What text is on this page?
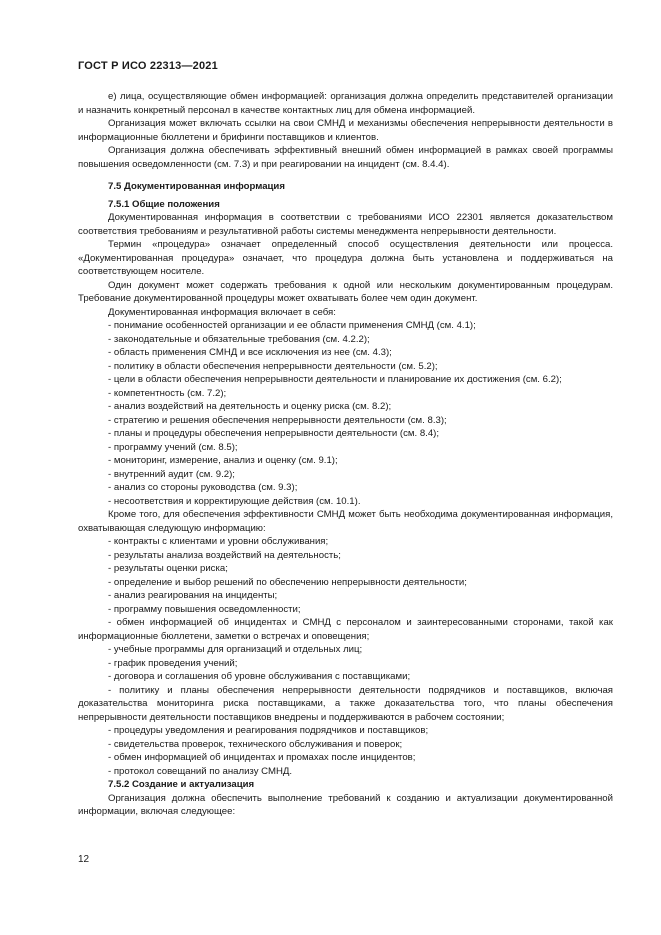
ГОСТ Р ИСО 22313—2021

е) лица, осуществляющие обмен информацией: организация должна определить представителей организации и назначить конкретный персонал в качестве контактных лиц для обмена информацией.

Организация может включать ссылки на свои СМНД и механизмы обеспечения непрерывности деятельности в информационные бюллетени и брифинги поставщиков и клиентов.

Организация должна обеспечивать эффективный внешний обмен информацией в рамках своей программы повышения осведомленности (см. 7.3) и при реагировании на инцидент (см. 8.4.4).

7.5 Документированная информация
7.5.1 Общие положения

Документированная информация в соответствии с требованиями ИСО 22301 является доказательством соответствия требованиям и результативной работы системы менеджмента непрерывности деятельности.

Термин «процедура» означает определенный способ осуществления деятельности или процесса. «Документированная процедура» означает, что процедура должна быть установлена и поддерживаться на соответствующем носителе.

Один документ может содержать требования к одной или нескольким документированным процедурам. Требование документированной процедуры может охватывать более чем один документ.

Документированная информация включает в себя:

- понимание особенностей организации и ее области применения СМНД (см. 4.1);

- законодательные и обязательные требования (см. 4.2.2);

- область применения СМНД и все исключения из нее (см. 4.3);

- политику в области обеспечения непрерывности деятельности (см. 5.2);

- цели в области обеспечения непрерывности деятельности и планирование их достижения (см. 6.2);

- компетентность (см. 7.2);

- анализ воздействий на деятельность и оценку риска (см. 8.2);

- стратегию и решения обеспечения непрерывности деятельности (см. 8.3);

- планы и процедуры обеспечения непрерывности деятельности (см. 8.4);

- программу учений (см. 8.5);

- мониторинг, измерение, анализ и оценку (см. 9.1);

- внутренний аудит (см. 9.2);

- анализ со стороны руководства (см. 9.3);

- несоответствия и корректирующие действия (см. 10.1).

Кроме того, для обеспечения эффективности СМНД может быть необходима документированная информация, охватывающая следующую информацию:

- контракты с клиентами и уровни обслуживания;

- результаты анализа воздействий на деятельность;

- результаты оценки риска;

- определение и выбор решений по обеспечению непрерывности деятельности;

- анализ реагирования на инциденты;

- программу повышения осведомленности;

- обмен информацией об инцидентах и СМНД с персоналом и заинтересованными сторонами, такой как информационные бюллетени, заметки о встречах и оповещения;

- учебные программы для организаций и отдельных лиц;

- график проведения учений;

- договора и соглашения об уровне обслуживания с поставщиками;

- политику и планы обеспечения непрерывности деятельности подрядчиков и поставщиков, включая доказательства мониторинга риска поставщиками, а также доказательства того, что планы обеспечения непрерывности деятельности поставщиков внедрены и поддерживаются в рабочем состоянии;

- процедуры уведомления и реагирования подрядчиков и поставщиков;

- свидетельства проверок, технического обслуживания и поверок;

- обмен информацией об инцидентах и промахах после инцидентов;

- протокол совещаний по анализу СМНД.

7.5.2 Создание и актуализация

Организация должна обеспечить выполнение требований к созданию и актуализации документированной информации, включая следующее:

12
